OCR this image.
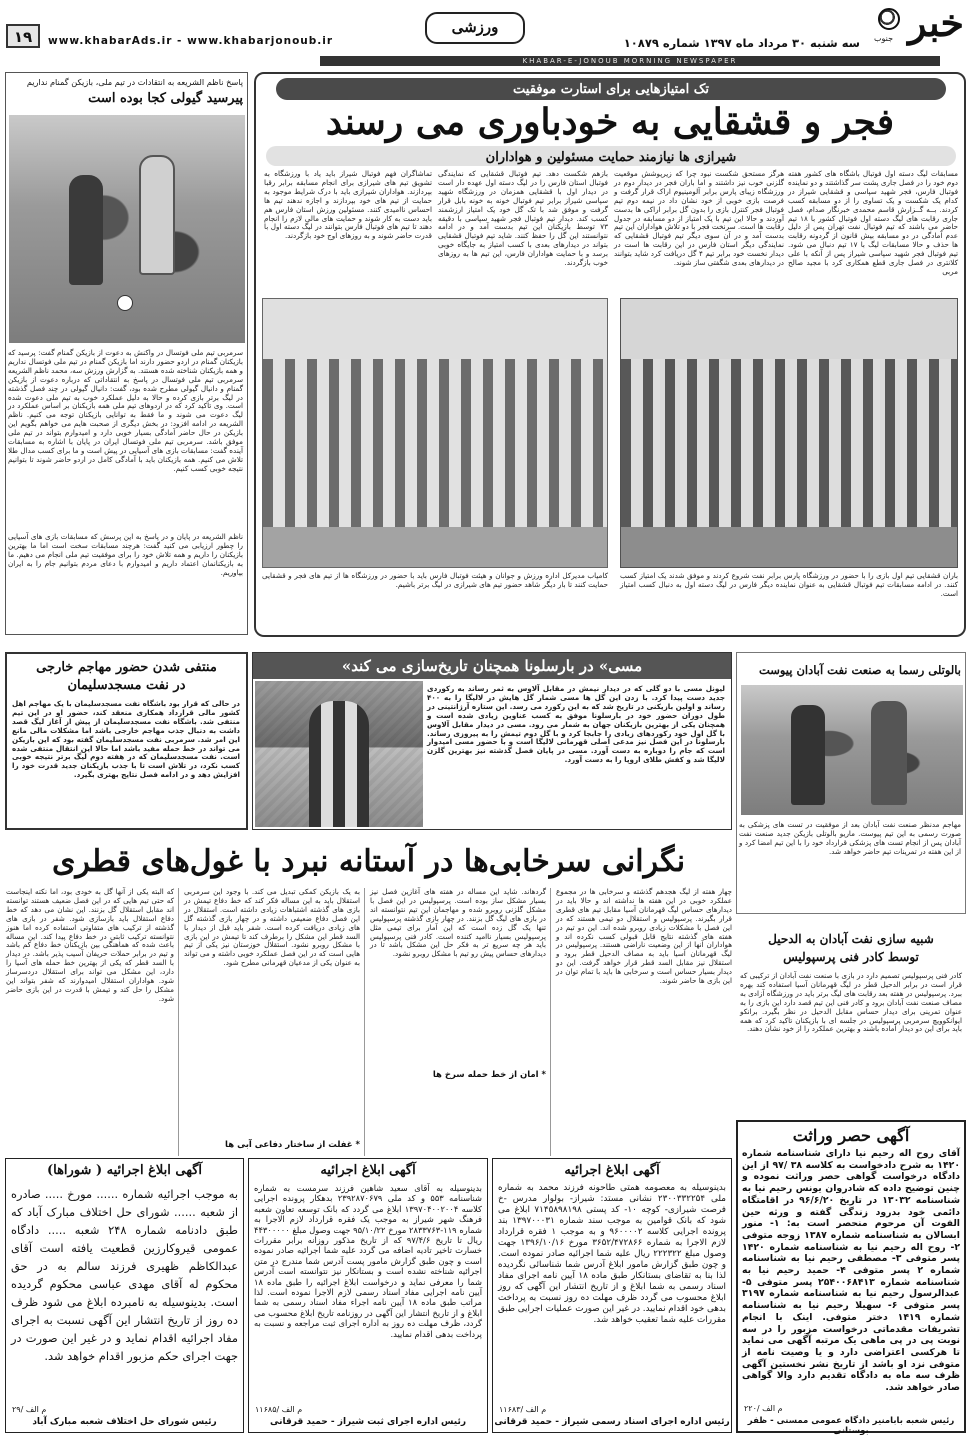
خبر
جنوب
سه شنبه ۳۰ مرداد ماه ۱۳۹۷ شماره ۱۰۸۷۹
ورزشی
www.khabarAds.ir - www.khabarjonoub.ir
۱۹
KHABAR-E-JONOUB MORNING NEWSPAPER
پاسخ ناظم الشریعه به انتقادات در تیم ملی، بازیکن گمنام نداریم
پیرسید گیولی کجا بوده است
سرمربی تیم ملی فوتسال در واکنش به دعوت از بازیکن گمنام گفت: پرسید که بازیکنان گمنام در اردو حضور دارند اما بازیکن گمنام در تیم ملی فوتسال نداریم و همه بازیکنان شناخته شده هستند. به گزارش ورزش سه، محمد ناظم الشریعه سرمربی تیم ملی فوتسال در پاسخ به انتقاداتی که درباره دعوت از بازیکن گمنام و دانیال گیولی مطرح شده بود، گفت: دانیال گیولی در چند فصل گذشته در لیگ برتر بازی کرده و حالا به دلیل عملکرد خوب به تیم ملی دعوت شده است. وی تاکید کرد که در اردوهای تیم ملی همه بازیکنان بر اساس عملکرد در لیگ دعوت می شوند و ما فقط به توانایی بازیکنان توجه می کنیم. ناظم الشریعه در ادامه افزود: در بخش دیگری از صحبت هایم می خواهم بگویم این بازیکن در حال حاضر آمادگی بسیار خوبی دارد و امیدوارم بتواند در تیم ملی موفق باشد. سرمربی تیم ملی فوتسال ایران در پایان با اشاره به مسابقات آینده گفت: مسابقات بازی های آسیایی در پیش است و ما برای کسب مدال طلا تلاش می کنیم. همه بازیکنان باید با آمادگی کامل در اردو حاضر شوند تا بتوانیم نتیجه خوبی کسب کنیم.
ناظم الشریعه در پایان و در پاسخ به این پرسش که مسابقات بازی های آسیایی را چطور ارزیابی می کنید گفت: هرچند مسابقات سخت است اما ما بهترین بازیکنان را داریم و همه تلاش خود را برای موفقیت تیم ملی انجام می دهیم. ما به بازیکنانمان اعتماد داریم و امیدوارم با دعای مردم بتوانیم جام را به ایران بیاوریم.
تک امتیازهایی برای استارت موفقیت
فجر و قشقایی به خودباوری می رسند
شیرازی ها نیازمند حمایت مسئولین و هواداران
مسابقات لیگ دسته اول فوتبال باشگاه های کشور هفته دوم خود را در فصل جاری پشت سر گذاشتند و دو نماینده فوتبال فارس، فجر شهید سپاسی و قشقایی شیراز در کدام یک شکست و یک تساوی را از دو مسابقه کسب کردند. بــه گــزارش قاسم محمدی خبرنگار صدام، فصل جاری رقابت های لیگ دسته اول فوتبال کشور با ۱۸ تیم حاضر می باشند که تیم فوتبال نفت تهران پس از دلیل عدم آمادگی در دو مسابقه بیش قانون از گردونه رقابت ها حذف و حالا مسابقات لیگ با ۱۷ تیم دنبال می شود. تیم فوتبال فجر شهید سپاسی شیراز پس از آنکه با علی کلانتری در فصل جاری قطع همکاری کرد با مجید صالح مربی
هرگز مستحق شکست نبود چرا که زیرپوشش موقعیت گلزنی خوب نیز داشتند و اما باران فجر در دیدار دوم در ورزشگاه زیبای پارس برابر آلومینیوم اراک قرار گرفت و فرصت بازی خوبی از خود نشان داد در نیمه دوم تیم فوتبال فجر کنترل بازی را بدون گل برابر اراکی ها بدست آوردند و حالا این تیم با یک امتیاز از دو مسابقه در جدول رقابت ها است. سرنخت فجر با دو تلاش هواداران این تیم بدست آمد و در آن سوی دیگر تیم فوتبال قشقایی که نمایندگی دیگر استان فارس در این رقابت ها است در دیدار نخست خود برابر تیم ۴ گل دریافت کرد شاید بتوانند در دیدارهای بعدی شگفتی ساز شوند.
بازهم شکست دهد. تیم فوتبال قشقایی که نمایندگی فوتبال استان فارس را در لیگ دسته اول عهده دار است در دیدار اول با قشقایی همزمان در ورزشگاه شهید سپاسی شیراز برابر تیم فوتبال خونه به خونه بابل قرار گرفت و موفق شد با تک گل خود یک امتیاز ارزشمند کسب کند. دیدار تیم فوتبال فجر شهید سپاسی با دقیقه ۷۳ توسط بازیکنان این تیم بدست آمد و در ادامه نتوانستند این گل را حفظ کنند. شاید تیم فوتبال قشقایی بتواند در دیدارهای بعدی با کسب امتیاز به جایگاه خوبی برسد و با حمایت هواداران فارس، این تیم ها به روزهای خوب بازگردند.
تماشاگران فهم فوتبال شیراز باید یاد با ورزشگاه به تشویق تیم های شیرازی برای انجام مسابقه برابر رقبا بپردازند. هواداران شیرازی باید با درک شرایط موجود به حمایت از تیم های خود بپردازند و اجازه ندهند تیم ها احساس ناامیدی کنند. مسئولین ورزش استان فارس هم باید دست به کار شوند و حمایت های مالی لازم را انجام دهند تا تیم های فوتبال فارس بتوانند در لیگ دسته اول با قدرت حاضر شوند و به روزهای اوج خود بازگردند.
باران قشقایی تیم اول بازی را با حضور در ورزشگاه پارس برابر نفت شروع کردند و موفق شدند یک امتیاز کسب کنند. در ادامه مسابقات تیم فوتبال قشقایی به عنوان نماینده دیگر فارس در لیگ دسته اول به دنبال کسب امتیاز است.
کامیاب مدیرکل اداره ورزش و جوانان و هیئت فوتبال فارس باید با حضور در ورزشگاه ها از تیم های فجر و قشقایی حمایت کنند تا بار دیگر شاهد حضور تیم های شیرازی در لیگ برتر باشیم.
منتفی شدن حضور مهاجم خارجی
در نفت مسجدسلیمان
در حالی که قرار بود باشگاه نفت مسجدسلیمان با یک مهاجم اهل کشور مالی قرارداد همکاری منعقد کند، حضور او در این تیم منتفی شد. باشگاه نفت مسجدسلیمان از پیش از آغاز لیگ قصد داشت به دنبال جذب مهاجم خارجی باشد اما مشکلات مالی مانع این امر شد. سرمربی نفت مسجدسلیمان گفته بود که این بازیکن می تواند در خط حمله مفید باشد اما حالا این انتقال منتفی شده است. نفت مسجدسلیمان که در هفته دوم لیگ برتر نتیجه خوبی کسب نکرد، در تلاش است تا با جذب بازیکنان جدید قدرت خود را افزایش دهد و در ادامه فصل نتایج بهتری بگیرد.
«مسی» در بارسلونا همچنان تاریخ‌سازی می کند
لیونل مسی با دو گلی که در دیدار نیمش در مقابل آلاوس به ثمر رساند به رکوردی جدید دست پیدا کرد. با زدن این گل ها مسی شمار گل هایش در لالیگا را به ۴۰۰ رساند و اولین بازیکنی در تاریخ شد که به این رکورد می رسد. این ستاره آرژانتینی در طول دوران حضور خود در بارسلونا موفق به کسب عناوین زیادی شده است و همچنان یکی از بهترین بازیکنان جهان به شمار می رود. مسی در دیدار مقابل آلاوس با گل اول خود رکوردهای زیادی را جابجا کرد و با گل دوم تیمش را به پیروزی رساند. بارسلونا در این فصل نیز مدعی اصلی قهرمانی لالیگا است و با حضور مسی امیدوار است که جام را دوباره به دست آورد. مسی در پایان فصل گذشته نیز بهترین گلزن لالیگا شد و کفش طلای اروپا را به دست آورد.
بالوتلی رسما به صنعت نفت آبادان پیوست
مهاجم مدنظر صنعت نفت آبادان بعد از موفقیت در تست های پزشکی به صورت رسمی به این تیم پیوست. ماریو بالوتلی بازیکن جدید صنعت نفت آبادان پس از انجام تست های پزشکی قرارداد خود را با این تیم امضا کرد و از این هفته در تمرینات تیم حاضر خواهد شد.
نگرانی سرخابی‌ها در آستانه نبرد با غول‌های قطری
چهار هفته از لیگ هجدهم گذشته و سرخابی ها در مجموع عملکرد خوبی در این هفته ها نداشته اند و حالا باید در دیدارهای حساس لیگ قهرمانان آسیا مقابل تیم های قطری قرار بگیرند. پرسپولیس و استقلال دو تیمی هستند که در این فصل با مشکلات زیادی روبرو شده اند. این دو تیم در هفته های گذشته نتایج قابل قبولی کسب نکرده اند و هواداران آنها از این وضعیت ناراضی هستند. پرسپولیس در لیگ قهرمانان آسیا باید به مصاف الدحیل قطر برود و استقلال نیز مقابل السد قطر قرار خواهد گرفت. این دو دیدار بسیار حساس است و سرخابی ها باید با تمام توان در این بازی ها حاضر شوند.
گردهاند. شاید این مساله در هفته های آغازین فصل نیز بسیار مشکل ساز بوده است. پرسپولیس در این فصل با مشکل گلزنی روبرو شده و مهاجمان این تیم نتوانسته اند در بازی های لیگ گل بزنند. در چهار بازی گذشته پرسپولیس تنها یک گل زده است که این آمار برای تیمی مثل پرسپولیس بسیار ناامید کننده است. کادر فنی پرسپولیس باید هر چه سریع تر به فکر حل این مشکل باشد تا در دیدارهای حساس پیش رو تیم با مشکل روبرو نشود.
* امان از خط حمله سرخ ها
به یک بازیکن کمکی تبدیل می کند. با وجود این سرمربی استقلال باید به این مساله فکر کند که خط دفاع تیمش در بازی های گذشته اشتباهات زیادی داشته است. استقلال در این فصل دفاع ضعیفی داشته و در چهار بازی گذشته گل های زیادی دریافت کرده است. شفر باید قبل از دیدار با السد قطر این مشکل را برطرف کند تا تیمش در این بازی با مشکل روبرو نشود. استقلال خوزستان نیز یکی از تیم هایی است که در این فصل عملکرد خوبی داشته و می تواند به عنوان یکی از مدعیان قهرمانی مطرح شود.
* غفلت از ساختار دفاعی آبی ها
که البته یکی از آنها گل به خودی بود، اما نکته اینجاست که حتی تیم هایی که در این فصل ضعیف هستند توانسته اند مقابل استقلال گل بزنند. این نشان می دهد که خط دفاع استقلال باید بازسازی شود. شفر در بازی های گذشته از ترکیب های متفاوتی استفاده کرده اما هنوز نتوانسته ترکیب ثابتی در خط دفاع پیدا کند. این مساله باعث شده که هماهنگی بین بازیکنان خط دفاع کم باشد و تیم در برابر حملات حریفان آسیب پذیر باشد. در دیدار با السد قطر که یکی از بهترین خط حمله های آسیا را دارد، این مشکل می تواند برای استقلال دردسرساز شود. هواداران استقلال امیدوارند که شفر بتواند این مشکل را حل کند و تیمش با قدرت در این بازی حاضر شود.
شبیه سازی نفت آبادان به الدحیل
توسط کادر فنی پرسپولیس
کادر فنی پرسپولیس تصمیم دارد در بازی با صنعت نفت آبادان از ترکیبی که قرار است در برابر الدحیل قطر در لیگ قهرمانان آسیا استفاده کند بهره ببرد. پرسپولیس در هفته بعد رقابت های لیگ برتر باید در ورزشگاه آزادی به مصاف صنعت نفت آبادان برود و کادر فنی این تیم قصد دارد این بازی را به عنوان تمرینی برای دیدار حساس مقابل الدحیل در نظر بگیرد. برانکو ایوانکوویچ سرمربی پرسپولیس در جلسه ای با بازیکنان تاکید کرد که همه باید برای این دو دیدار آماده باشند و بهترین عملکرد را از خود نشان دهند.
آگهی حصر وراثت
آقای روح اله رحیم نیا دارای شناسنامه شماره ۱۴۲۰ به شرح دادخواست به کلاسه ۳۸ /۹۷ از این دادگاه درخواست گواهی حصر وراثت نموده و چنین توضیح داده که شادروان یونس رحیم نیا به شناسنامه ۱۳۰۳۲ در تاریخ ۹۶/۶/۲۰ در اقامتگاه دائمی خود بدرود زندگی گفته و ورثه حین الفوت آن مرحوم منحصر است به: ۱- منور ابسالان به شناسنامه شماره ۱۳۸۷ زوجه متوفی ۲- روح اله رحیم نیا به شناسنامه شماره ۱۴۲۰ پسر متوفی ۳- مصطفی رحیم نیا به شناسنامه شماره ۲ پسر متوفی ۴- حمید رحیم نیا به شناسنامه شماره ۲۵۴۰۰۶۸۴۱۳ پسر متوفی ۵- عبدالرسول رحیم نیا به شناسنامه شماره ۳۱۹۷ پسر متوفی ۶- سهیلا رحیم نیا به شناسنامه شماره ۱۴۱۹ دختر متوفی. اینک با انجام تشریفات مقدماتی درخواست مزبور را در سه نوبت پی در پی ماهی یک مرتبه آگهی می نماید تا هرکسی اعتراضی دارد و یا وصیت نامه از متوفی نزد او باشد از تاریخ نشر نخستین آگهی ظرف سه ماه به دادگاه تقدیم دارد والا گواهی صادر خواهد شد.
۲۲۰/ م الف
رئیس شعبه بابامنیر دادگاه عمومی ممسنی - ظفر بوستانی
آگهی ابلاغ اجرائیه
بدینوسیله به معصومه همتی طاحونه فرزند محمد به شماره ملی ۲۳۰۰۳۳۲۲۵۴ نشانی مستد: شیراز- بولوار مدرس -خ فرصت شیرازی- کوچه ۱۰- کد پستی ۷۱۴۵۸۹۸۱۹۸ ابلاغ می شود که بانک قوامین به موجب سند شماره ۱۳۹۷۰۰۰۳۱ بند پرونده اجرایی کلاسه ۹۶۰۰۰۰۲ و به موجب ۱ فقره قرارداد لازم الاجرا به شماره ۳۶۵۲/۴۷۲۸۶۶ مورخ ۱۳۹۶/۱۰/۱۶ جهت وصول مبلغ ۲۲۲۳۲۲ ریال علیه شما اجرائیه صادر نموده است. و چون طبق گزارش مامور ابلاغ آدرس شما شناسائی نگردیده لذا بنا به تقاضای بستانکار طبق ماده ۱۸ آیین نامه اجرای مفاد اسناد رسمی به شما ابلاغ و از تاریخ انتشار این آگهی که روز ابلاغ محسوب می گردد ظرف مهلت ده روز نسبت به پرداخت بدهی خود اقدام نمایید. در غیر این صورت عملیات اجرایی طبق مقررات علیه شما تعقیب خواهد شد.
۱۱۶۸۳/ م الف
رئیس اداره اجرای اسناد رسمی شیراز - حمید قرقانی
آگهی ابلاغ اجرائیه
بدینوسیله به آقای سعید شاهین فرزند سرمست به شماره شناسنامه ۵۵۳ و کد ملی ۲۳۹۲۸۷۰۶۷۹ بدهکار پرونده اجرایی کلاسه ۱۳۹۷۰۴۰۰۲۰۰۴ ابلاغ می گردد که بانک توسعه تعاون شعبه فرهنگ شهر شیراز به موجب یک فقره قرارداد لازم الاجرا به شماره ۱۱۹-۲۸۳۳۷۶۳ مورخ ۹۵/۱۰/۲۲ جهت وصول مبلغ ۴۴۳۰۰۰۰۰ ریال تا تاریخ ۹۷/۴/۶ که از تاریخ مذکور روزانه برابر مقررات خسارت تاخیر تادیه اضافه می گردد علیه شما اجرائیه صادر نموده است و چون طبق گزارش مامور پست آدرس شما مندرج در متن اجرائیه شناخته نشده است و بستانکار نیز نتوانسته است آدرس شما را معرفی نماید و درخواست ابلاغ اجرائیه را طبق ماده ۱۸ آیین نامه اجرایی مفاد اسناد رسمی لازم الاجرا نموده است. لذا مراتب طبق ماده ۱۸ آیین نامه اجراء مفاد اسناد رسمی به شما ابلاغ و از تاریخ انتشار این آگهی در روزنامه تاریخ ابلاغ محسوب می گردد، ظرف مهلت ده روز به اداره اجرای ثبت مراجعه و نسبت به پرداخت بدهی اقدام نمایید.
۱۱۶۸۵/ م الف
رئیس اداره اجرای ثبت شیراز - حمید قرقانی
آگهی ابلاغ اجرائیه ( شوراها)
به موجب اجرائیه شماره ...... مورخ ..... صادره از شعبه ...... شورای حل اختلاف مبارک آباد که طبق دادنامه شماره ۲۴۸ شعبه ..... دادگاه عمومی قیروکارزین قطعیت یافته است آقای عبدالکاظم ظهیری فرزند سالم به در حق محکوم له آقای مهدی عباسی محکوم گردیده است. بدینوسیله به نامبرده ابلاغ می شود ظرف ده روز از تاریخ انتشار این آگهی نسبت به اجرای مفاد اجرائیه اقدام نماید و در غیر این صورت در جهت اجرای حکم مزبور اقدام خواهد شد.
۲۹/ م الف
رئیس شورای حل اختلاف شعبه مبارک آباد
